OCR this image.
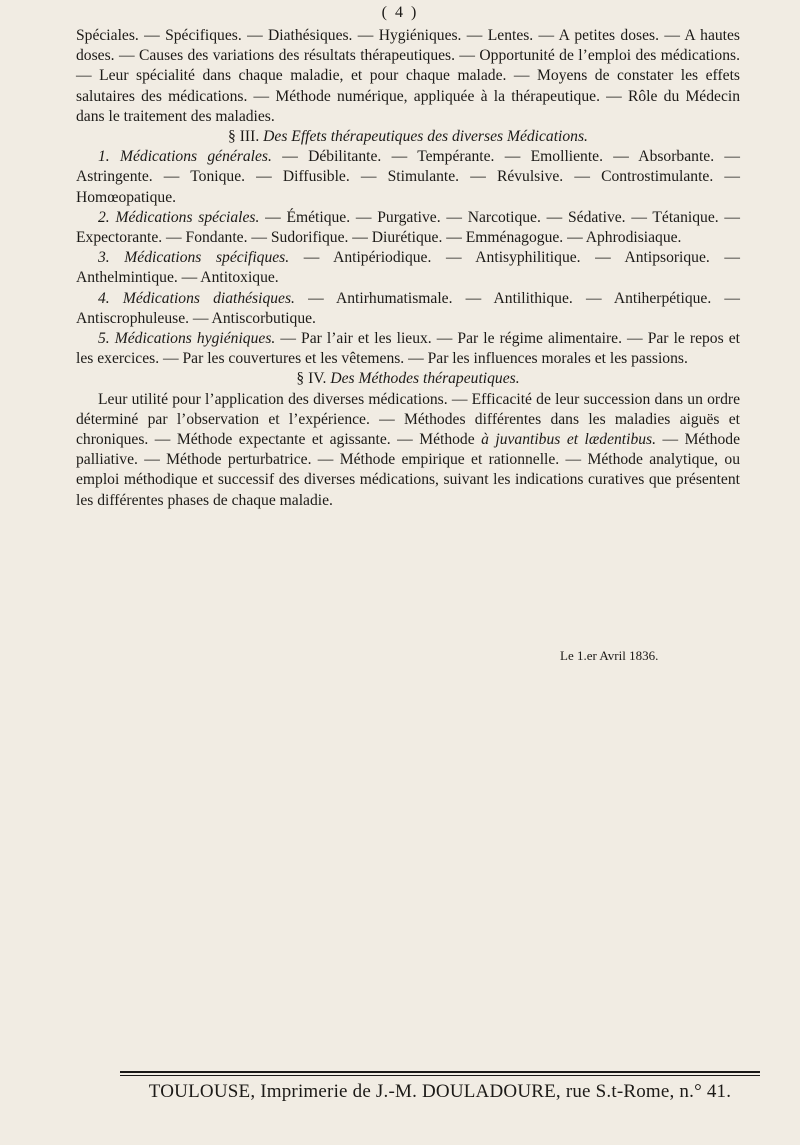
( 4 )

Spéciales. — Spécifiques. — Diathésiques. — Hygiéniques. — Lentes. — A petites doses. — A hautes doses. — Causes des variations des résultats thérapeutiques. — Opportunité de l’emploi des médications. — Leur spécialité dans chaque maladie, et pour chaque malade. — Moyens de constater les effets salutaires des médications. — Méthode numérique, appliquée à la thérapeutique. — Rôle du Médecin dans le traitement des maladies.

§ III. Des Effets thérapeutiques des diverses Médications.

1. Médications générales. — Débilitante. — Tempérante. — Emolliente. — Absorbante. — Astringente. — Tonique. — Diffusible. — Stimulante. — Révulsive. — Controstimulante. — Homœopatique.

2. Médications spéciales. — Émétique. — Purgative. — Narcotique. — Sédative. — Tétanique. — Expectorante. — Fondante. — Sudorifique. — Diurétique. — Emménagogue. — Aphrodisiaque.

3. Médications spécifiques. — Antipériodique. — Antisyphilitique. — Antipsorique. — Anthelmintique. — Antitoxique.

4. Médications diathésiques. — Antirhumatismale. — Antilithique. — Antiherpétique. — Antiscrophuleuse. — Antiscorbutique.

5. Médications hygiéniques. — Par l’air et les lieux. — Par le régime alimentaire. — Par le repos et les exercices. — Par les couvertures et les vêtemens. — Par les influences morales et les passions.

§ IV. Des Méthodes thérapeutiques.

Leur utilité pour l’application des diverses médications. — Efficacité de leur succession dans un ordre déterminé par l’observation et l’expérience. — Méthodes différentes dans les maladies aiguës et chroniques. — Méthode expectante et agissante. — Méthode à juvantibus et lædentibus. — Méthode palliative. — Méthode perturbatrice. — Méthode empirique et rationnelle. — Méthode analytique, ou emploi méthodique et successif des diverses médications, suivant les indications curatives que présentent les différentes phases de chaque maladie.

Le 1.er Avril 1836.
TOULOUSE, Imprimerie de J.-M. DOULADOURE, rue S.t-Rome, n.° 41.
